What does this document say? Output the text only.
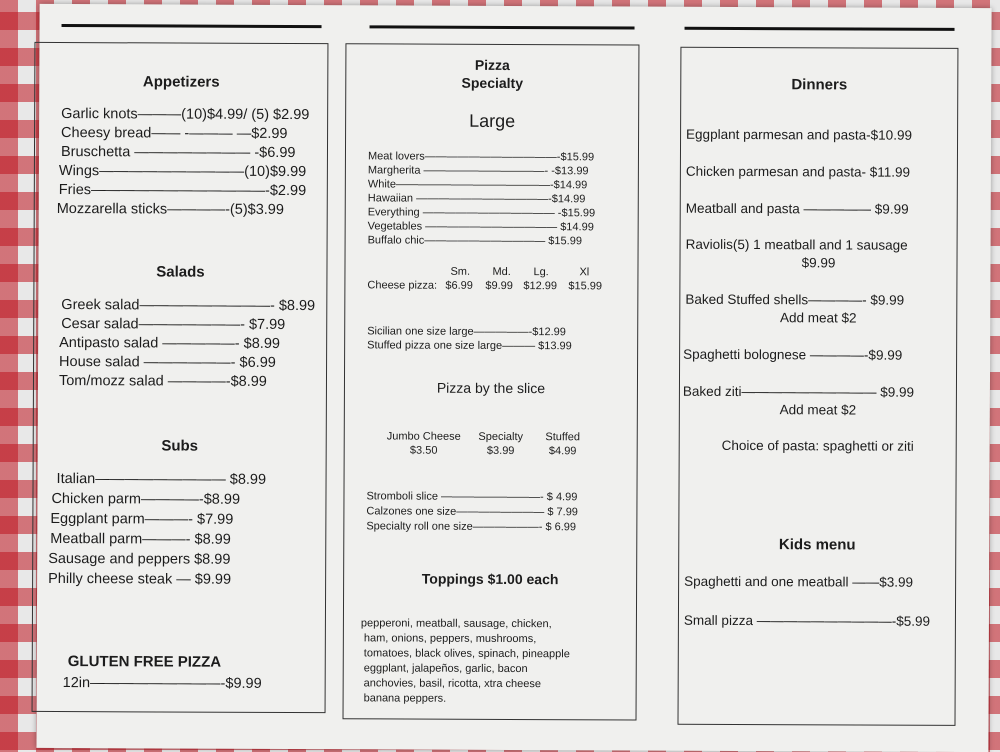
Appetizers
Garlic knots———(10)$4.99/ (5) $2.99
Cheesy bread—— -——— —$2.99
Bruschetta ———————— -$6.99
Wings——————————(10)$9.99
Fries————————————-$2.99
Mozzarella sticks————-(5)$3.99
Salads
Greek salad—————————- $8.99
Cesar salad———————- $7.99
Antipasto salad —————- $8.99
House salad ——————- $6.99
Tom/mozz salad ————-$8.99
Subs
Italian————————— $8.99
Chicken parm————-$8.99
Eggplant parm———- $7.99
Meatball parm———- $8.99
Sausage and peppers $8.99
Philly cheese steak — $9.99
GLUTEN FREE PIZZA
12in—————————-$9.99
Pizza
Specialty
Large
Meat lovers————————————-$15.99
Margherita ———————————- -$13.99
White——————————————-$14.99
Hawaiian ————————————-$14.99
Everything ———————————— -$15.99
Vegetables ———————————— $14.99
Buffalo chic——————————— $15.99
Sm. Md. Lg.	Xl
Cheese pizza: $6.99 $9.99 $12.99 $15.99
Sicilian one size large—————-$12.99
Stuffed pizza one size large——— $13.99
Pizza by the slice
Jumbo Cheese
$3.50
Specialty
$3.99
Stuffed
$4.99
Stromboli slice —————————- $ 4.99
Calzones one size———————— $ 7.99
Specialty roll one size——————- $ 6.99
Toppings $1.00 each
pepperoni, meatball, sausage, chicken,
ham, onions, peppers, mushrooms,
tomatoes, black olives, spinach, pineapple
eggplant, jalapeños, garlic, bacon
anchovies, basil, ricotta, xtra cheese
banana peppers.
Dinners
Eggplant parmesan and pasta-$10.99
Chicken parmesan and pasta- $11.99
Meatball and pasta ————— $9.99
Raviolis(5) 1 meatball and 1 sausage
$9.99
Baked Stuffed shells————- $9.99
Add meat $2
Spaghetti bolognese ————-$9.99
Baked ziti—————————— $9.99
Add meat $2
Choice of pasta: spaghetti or ziti
Kids menu
Spaghetti and one meatball ——$3.99
Small pizza ——————————-$5.99
